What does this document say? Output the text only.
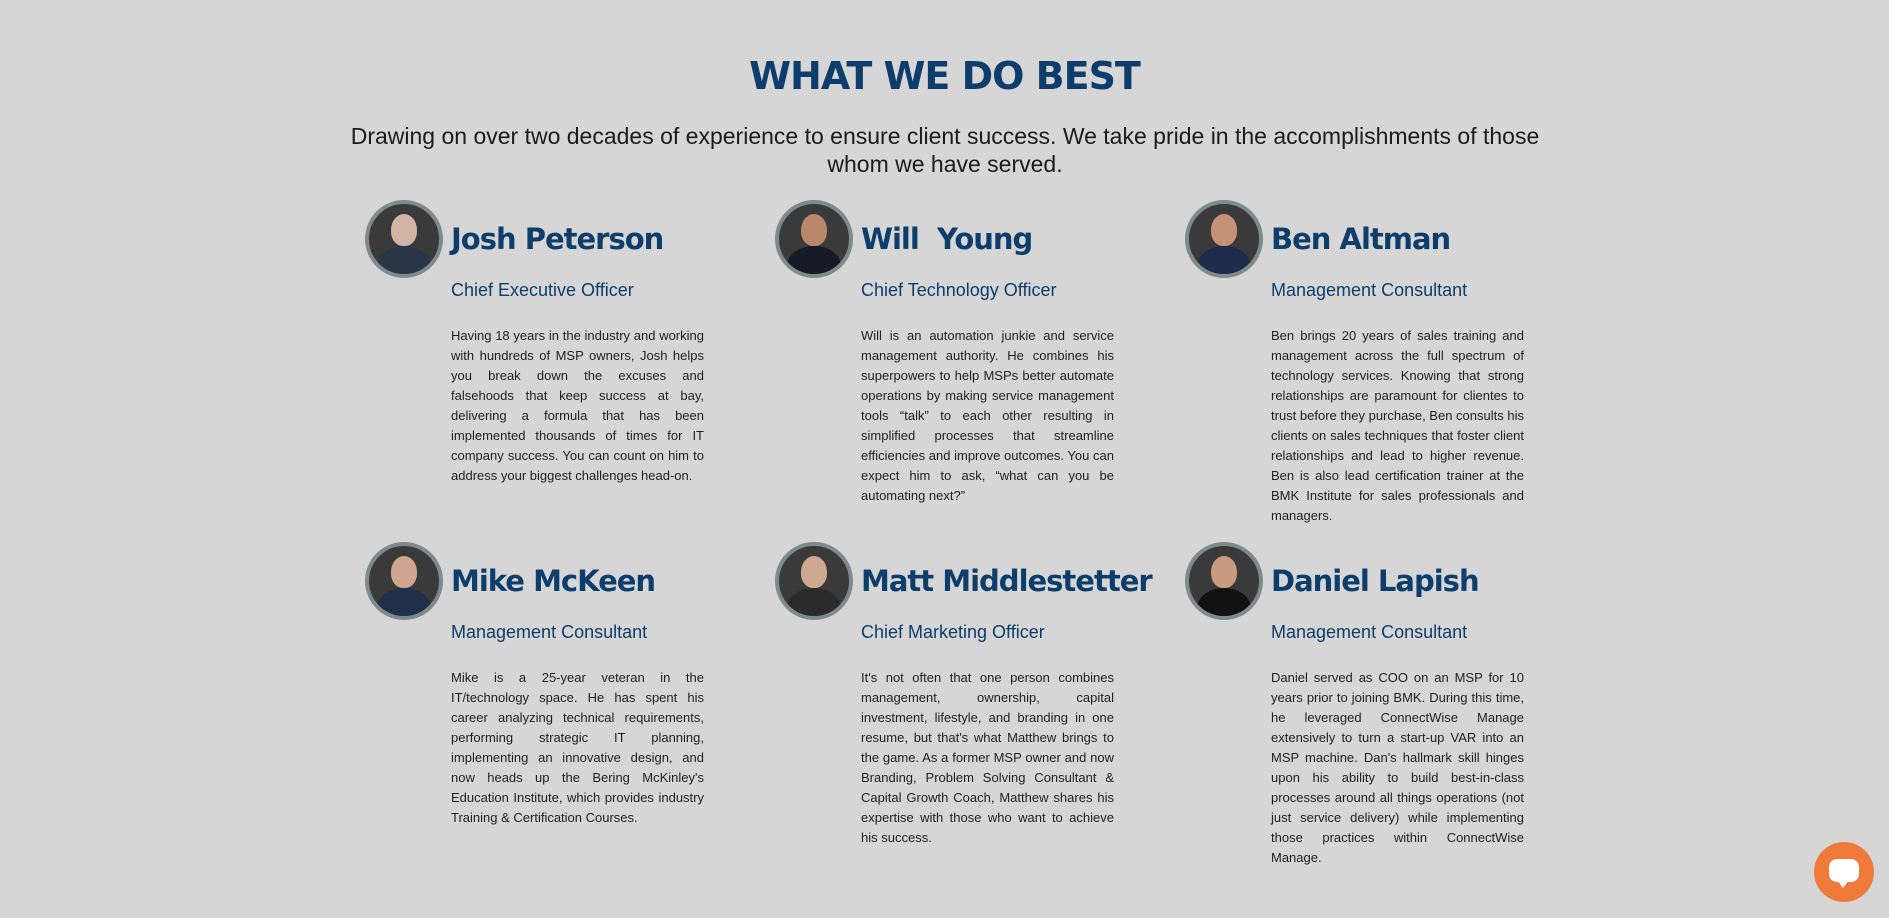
WHAT WE DO BEST

Drawing on over two decades of experience to ensure client success. We take pride in the accomplishments of those whom we have served.

Josh Peterson

Chief Executive Officer

Having 18 years in the industry and working with hundreds of MSP owners, Josh helps you break down the excuses and falsehoods that keep success at bay, delivering a formula that has been implemented thousands of times for IT company success. You can count on him to address your biggest challenges head-on.

Will  Young

Chief Technology Officer

Will is an automation junkie and service management authority. He combines his superpowers to help MSPs better automate operations by making service management tools “talk” to each other resulting in simplified processes that streamline efficiencies and improve outcomes. You can expect him to ask, “what can you be automating next?”

Ben Altman

Management Consultant

Ben brings 20 years of sales training and management across the full spectrum of technology services. Knowing that strong relationships are paramount for clientes to trust before they purchase, Ben consults his clients on sales techniques that foster client relationships and lead to higher revenue. Ben is also lead certification trainer at the BMK Institute for sales professionals and managers.

Mike McKeen

Management Consultant

Mike is a 25-year veteran in the IT/technology space. He has spent his career analyzing technical requirements, performing strategic IT planning, implementing an innovative design, and now heads up the Bering McKinley's Education Institute, which provides industry Training & Certification Courses.

Matt Middlestetter

Chief Marketing Officer

It's not often that one person combines management, ownership, capital investment, lifestyle, and branding in one resume, but that's what Matthew brings to the game. As a former MSP owner and now Branding, Problem Solving Consultant & Capital Growth Coach, Matthew shares his expertise with those who want to achieve his success.

Daniel Lapish

Management Consultant

Daniel served as COO on an MSP for 10 years prior to joining BMK. During this time, he leveraged ConnectWise Manage extensively to turn a start-up VAR into an MSP machine. Dan's hallmark skill hinges upon his ability to build best-in-class processes around all things operations (not just service delivery) while implementing those practices within ConnectWise Manage.
